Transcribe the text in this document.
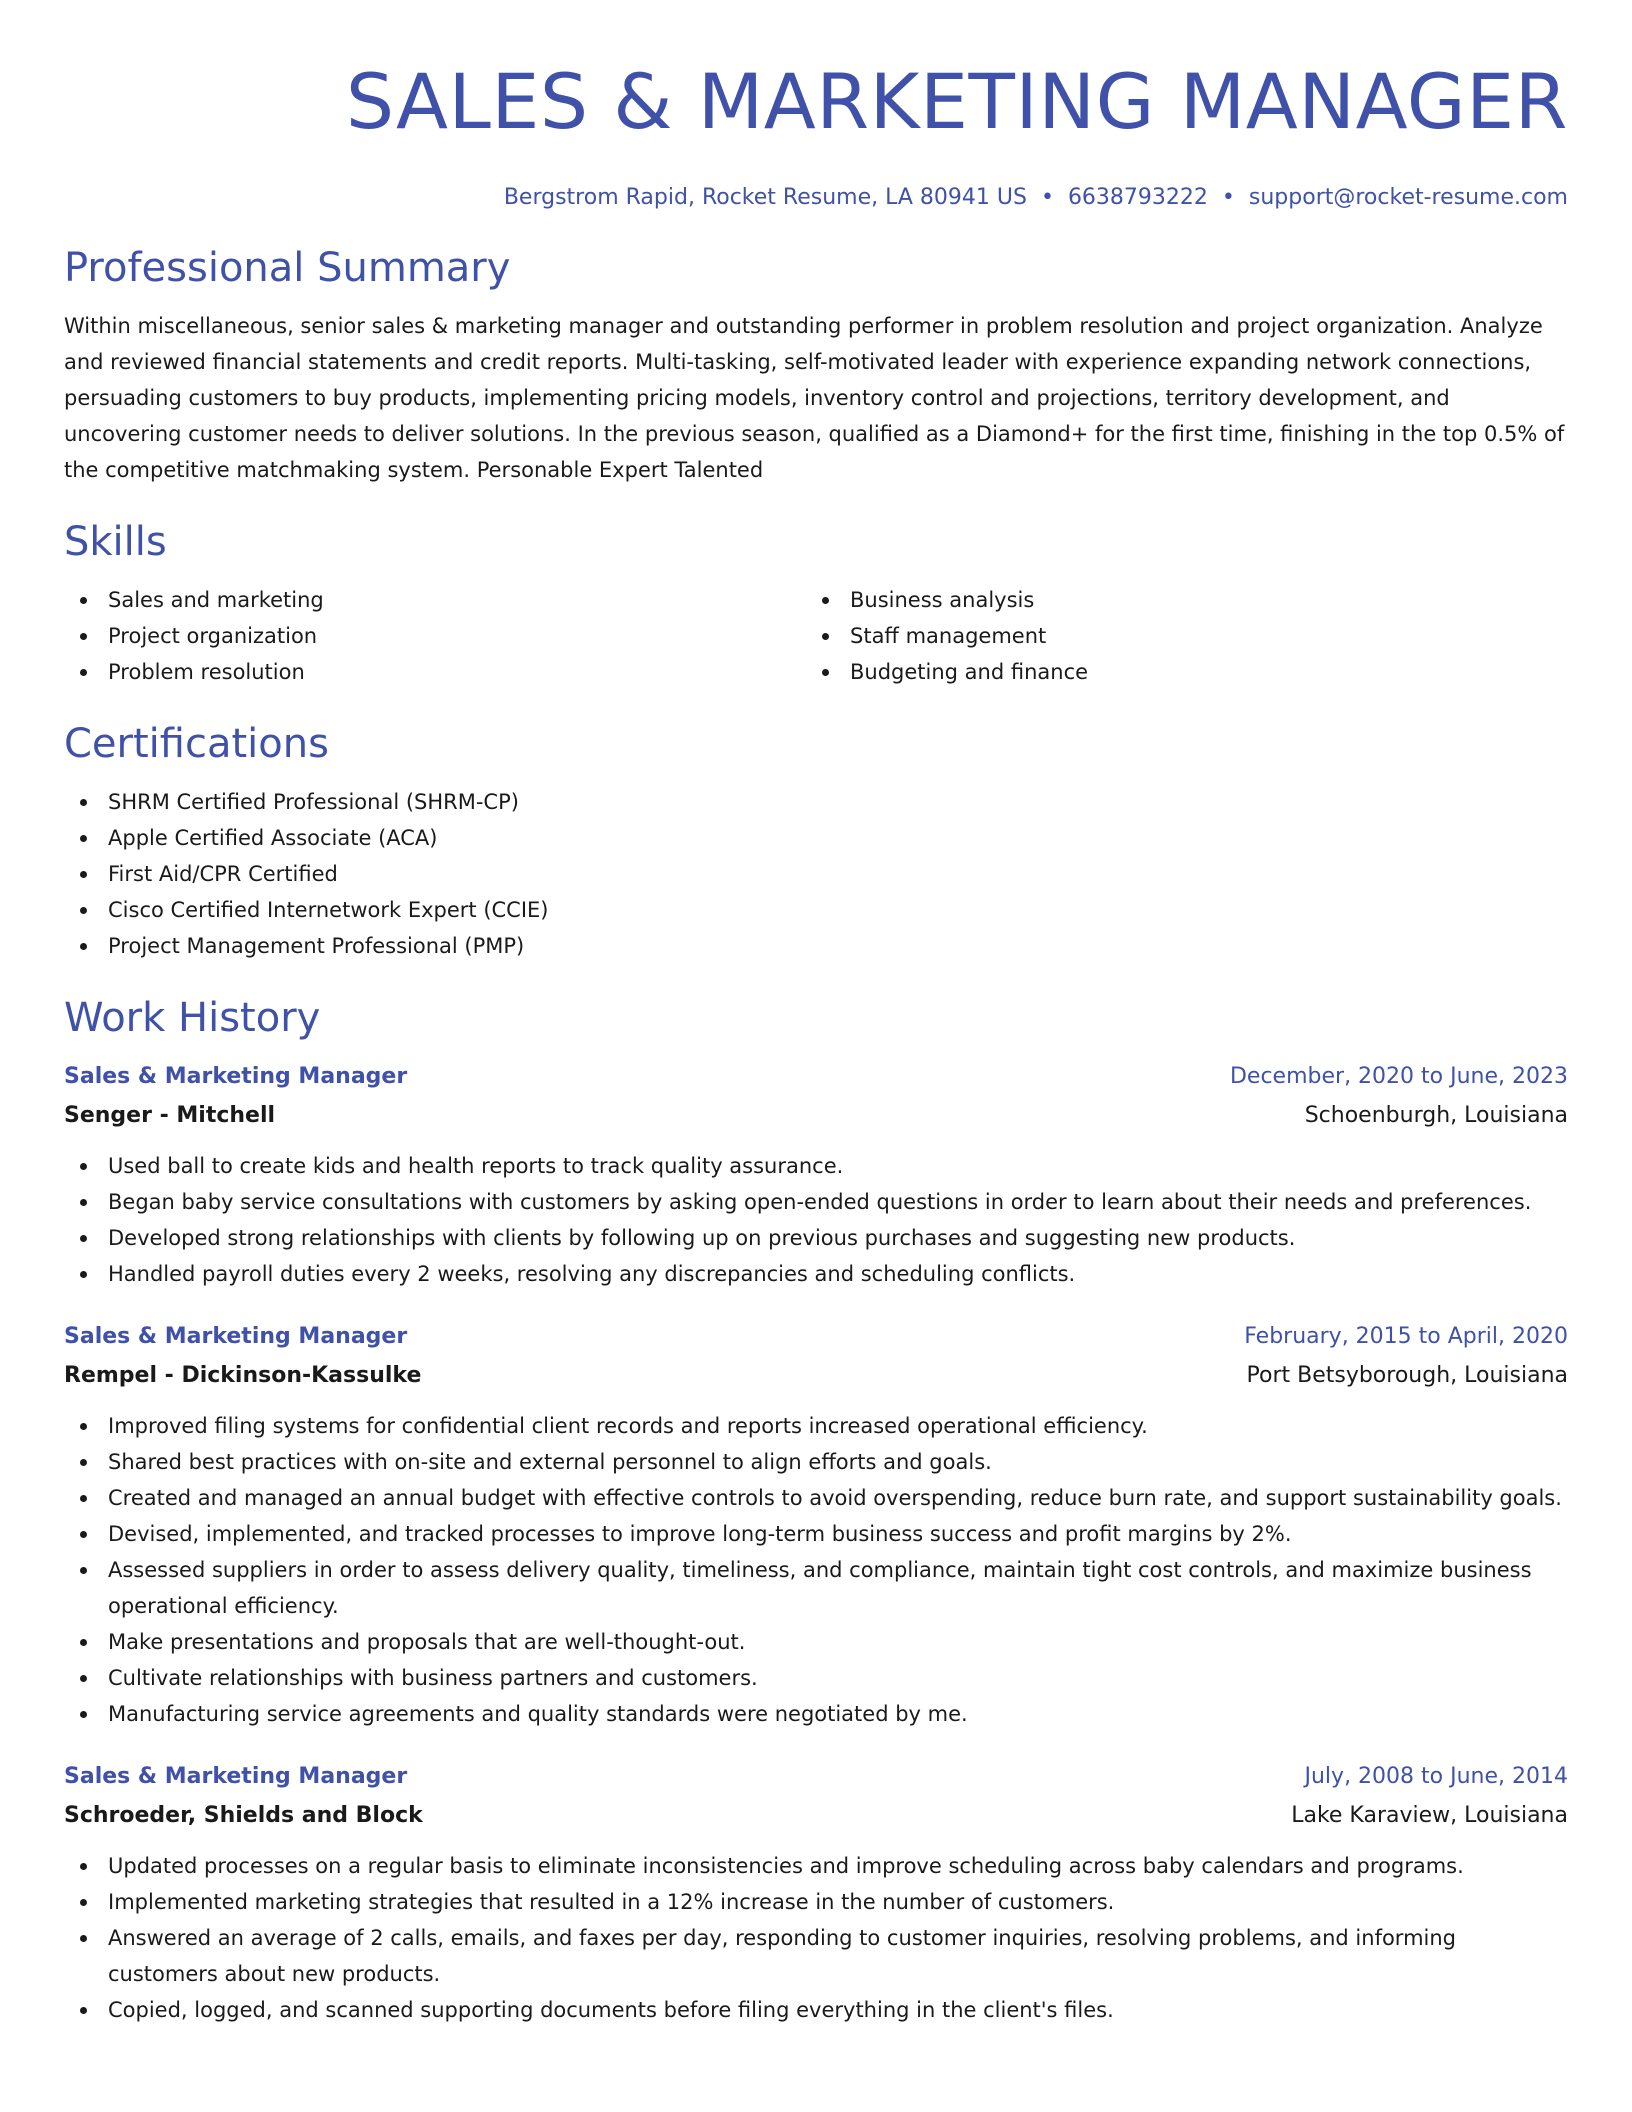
SALES & MARKETING MANAGER
Bergstrom Rapid, Rocket Resume, LA 80941 US • 6638793222 • support@rocket-resume.com
Professional Summary

Within miscellaneous, senior sales & marketing manager and outstanding performer in problem resolution and project organization. Analyze and reviewed financial statements and credit reports. Multi-tasking, self-motivated leader with experience expanding network connections, persuading customers to buy products, implementing pricing models, inventory control and projections, territory development, and uncovering customer needs to deliver solutions. In the previous season, qualified as a Diamond+ for the first time, finishing in the top 0.5% of the competitive matchmaking system. Personable Expert Talented

Skills
Sales and marketing
Project organization
Problem resolution
Business analysis
Staff management
Budgeting and finance
Certifications
SHRM Certified Professional (SHRM-CP)
Apple Certified Associate (ACA)
First Aid/CPR Certified
Cisco Certified Internetwork Expert (CCIE)
Project Management Professional (PMP)
Work History
Sales & Marketing Manager	December, 2020 to June, 2023
Senger - Mitchell	Schoenburgh, Louisiana
Used ball to create kids and health reports to track quality assurance.
Began baby service consultations with customers by asking open-ended questions in order to learn about their needs and preferences.
Developed strong relationships with clients by following up on previous purchases and suggesting new products.
Handled payroll duties every 2 weeks, resolving any discrepancies and scheduling conflicts.
Sales & Marketing Manager	February, 2015 to April, 2020
Rempel - Dickinson-Kassulke	Port Betsyborough, Louisiana
Improved filing systems for confidential client records and reports increased operational efficiency.
Shared best practices with on-site and external personnel to align efforts and goals.
Created and managed an annual budget with effective controls to avoid overspending, reduce burn rate, and support sustainability goals.
Devised, implemented, and tracked processes to improve long-term business success and profit margins by 2%.
Assessed suppliers in order to assess delivery quality, timeliness, and compliance, maintain tight cost controls, and maximize business operational efficiency.
Make presentations and proposals that are well-thought-out.
Cultivate relationships with business partners and customers.
Manufacturing service agreements and quality standards were negotiated by me.
Sales & Marketing Manager	July, 2008 to June, 2014
Schroeder, Shields and Block	Lake Karaview, Louisiana
Updated processes on a regular basis to eliminate inconsistencies and improve scheduling across baby calendars and programs.
Implemented marketing strategies that resulted in a 12% increase in the number of customers.
Answered an average of 2 calls, emails, and faxes per day, responding to customer inquiries, resolving problems, and informing customers about new products.
Copied, logged, and scanned supporting documents before filing everything in the client's files.
